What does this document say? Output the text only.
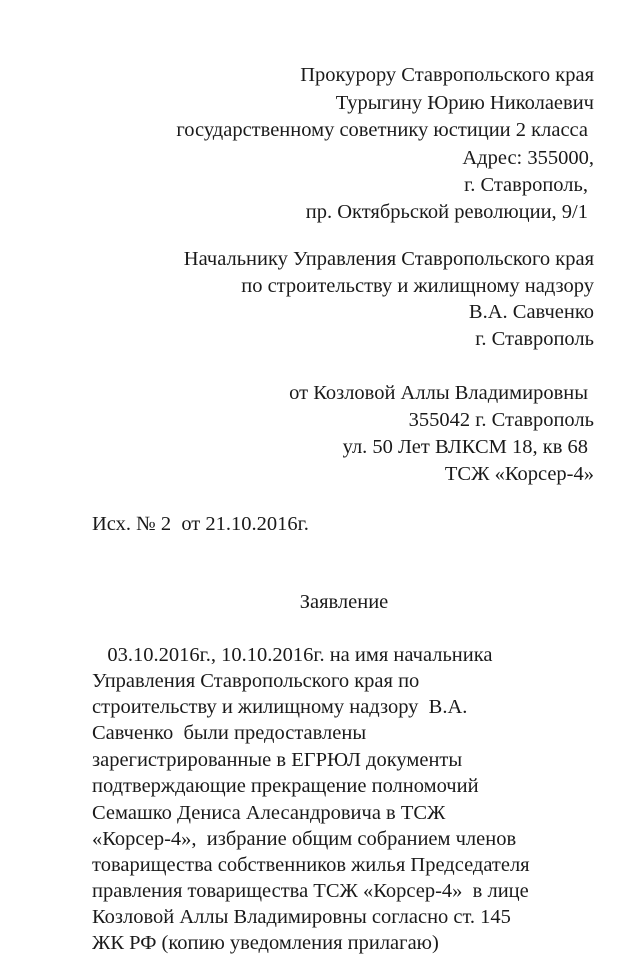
Прокурору Ставропольского края
Турыгину Юрию Николаевич
государственному советнику юстиции 2 класса
Адрес: 355000,
г. Ставрополь,
пр. Октябрьской революции, 9/1
Начальнику Управления Ставропольского края
по строительству и жилищному надзору
В.А. Савченко
г. Ставрополь
от Козловой Аллы Владимировны
355042 г. Ставрополь
ул. 50 Лет ВЛКСМ 18, кв 68
ТСЖ «Корсер-4»
Исх. № 2  от 21.10.2016г.
Заявление
03.10.2016г., 10.10.2016г. на имя начальника
Управления Ставропольского края по
строительству и жилищному надзору  В.А.
Савченко  были предоставлены
зарегистрированные в ЕГРЮЛ документы
подтверждающие прекращение полномочий
Семашко Дениса Алесандровича в ТСЖ
«Корсер-4»,  избрание общим собранием членов
товарищества собственников жилья Председателя
правления товарищества ТСЖ «Корсер-4»  в лице
Козловой Аллы Владимировны согласно ст. 145
ЖК РФ (копию уведомления прилагаю)
